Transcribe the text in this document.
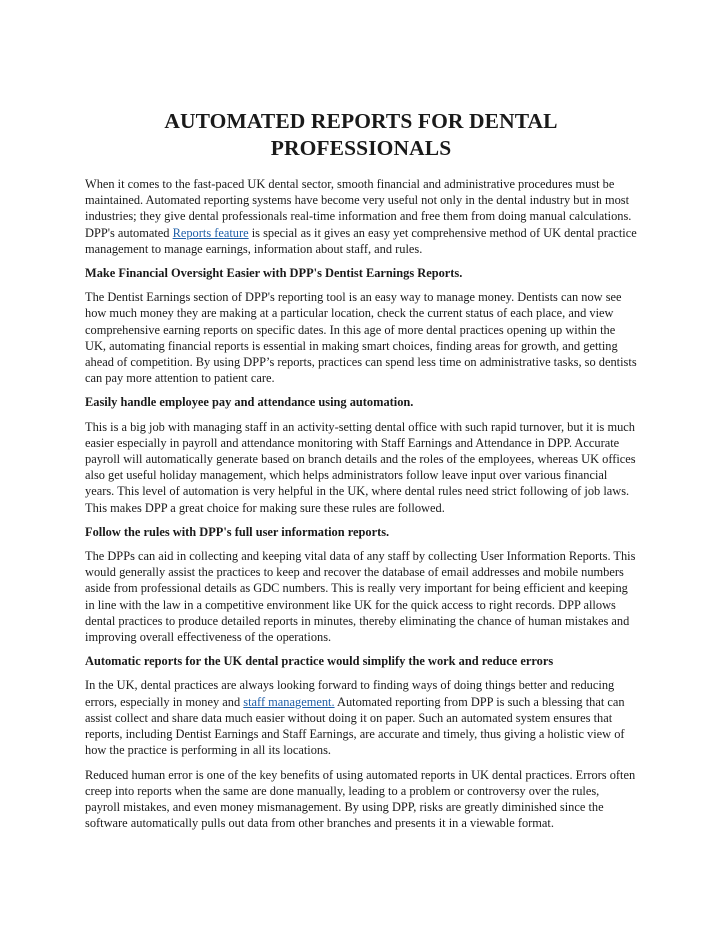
AUTOMATED REPORTS FOR DENTAL PROFESSIONALS

When it comes to the fast-paced UK dental sector, smooth financial and administrative procedures must be maintained. Automated reporting systems have become very useful not only in the dental industry but in most industries; they give dental professionals real-time information and free them from doing manual calculations. DPP's automated Reports feature is special as it gives an easy yet comprehensive method of UK dental practice management to manage earnings, information about staff, and rules.

Make Financial Oversight Easier with DPP's Dentist Earnings Reports.

The Dentist Earnings section of DPP's reporting tool is an easy way to manage money. Dentists can now see how much money they are making at a particular location, check the current status of each place, and view comprehensive earning reports on specific dates. In this age of more dental practices opening up within the UK, automating financial reports is essential in making smart choices, finding areas for growth, and getting ahead of competition. By using DPP’s reports, practices can spend less time on administrative tasks, so dentists can pay more attention to patient care.

Easily handle employee pay and attendance using automation.

This is a big job with managing staff in an activity-setting dental office with such rapid turnover, but it is much easier especially in payroll and attendance monitoring with Staff Earnings and Attendance in DPP. Accurate payroll will automatically generate based on branch details and the roles of the employees, whereas UK offices also get useful holiday management, which helps administrators follow leave input over various financial years. This level of automation is very helpful in the UK, where dental rules need strict following of job laws. This makes DPP a great choice for making sure these rules are followed.

Follow the rules with DPP's full user information reports.

The DPPs can aid in collecting and keeping vital data of any staff by collecting User Information Reports. This would generally assist the practices to keep and recover the database of email addresses and mobile numbers aside from professional details as GDC numbers. This is really very important for being efficient and keeping in line with the law in a competitive environment like UK for the quick access to right records. DPP allows dental practices to produce detailed reports in minutes, thereby eliminating the chance of human mistakes and improving overall effectiveness of the operations.

Automatic reports for the UK dental practice would simplify the work and reduce errors

In the UK, dental practices are always looking forward to finding ways of doing things better and reducing errors, especially in money and staff management. Automated reporting from DPP is such a blessing that can assist collect and share data much easier without doing it on paper. Such an automated system ensures that reports, including Dentist Earnings and Staff Earnings, are accurate and timely, thus giving a holistic view of how the practice is performing in all its locations.

Reduced human error is one of the key benefits of using automated reports in UK dental practices. Errors often creep into reports when the same are done manually, leading to a problem or controversy over the rules, payroll mistakes, and even money mismanagement. By using DPP, risks are greatly diminished since the software automatically pulls out data from other branches and presents it in a viewable format.
